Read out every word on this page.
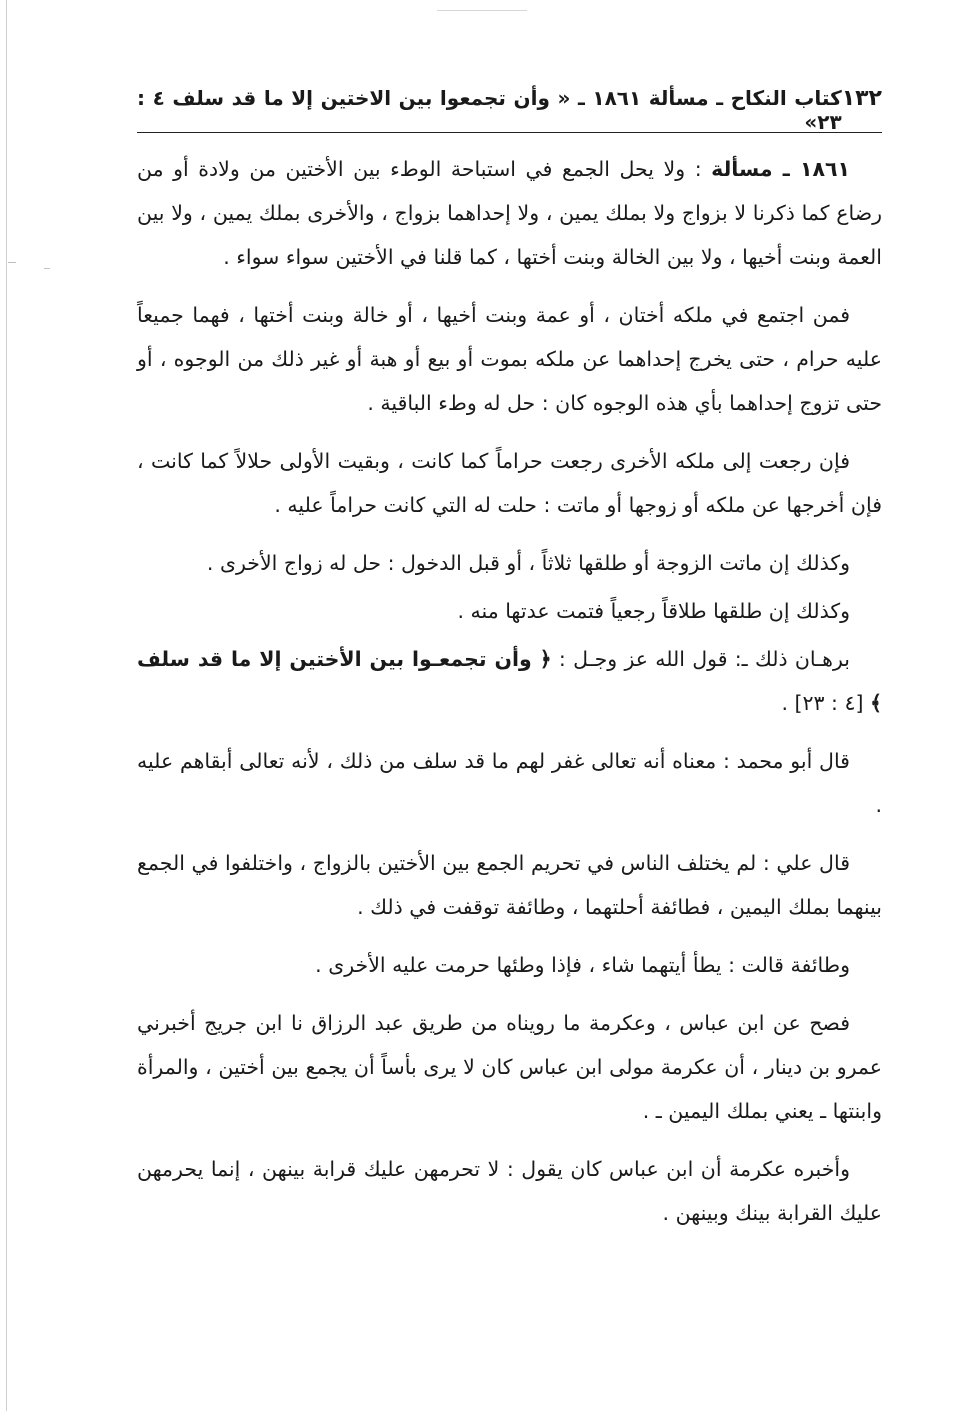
١٣٢
كتاب النكاح ـ مسألة ١٨٦١ ـ « وأن تجمعوا بين الاختين إلا ما قد سلف ٤ : ٢٣»

١٨٦١ ـ مسألة : ولا يحل الجمع في استباحة الوطء بين الأختين من ولادة أو من رضاع كما ذكرنا لا بزواج ولا بملك يمين ، ولا إحداهما بزواج ، والأخرى بملك يمين ، ولا بين العمة وبنت أخيها ، ولا بين الخالة وبنت أختها ، كما قلنا في الأختين سواء سواء .

فمن اجتمع في ملكه أختان ، أو عمة وبنت أخيها ، أو خالة وبنت أختها ، فهما جميعاً عليه حرام ، حتى يخرج إحداهما عن ملكه بموت أو بيع أو هبة أو غير ذلك من الوجوه ، أو حتى تزوج إحداهما بأي هذه الوجوه كان : حل له وطء الباقية .

فإن رجعت إلى ملكه الأخرى رجعت حراماً كما كانت ، وبقيت الأولى حلالاً كما كانت ، فإن أخرجها عن ملكه أو زوجها أو ماتت : حلت له التي كانت حراماً عليه .

وكذلك إن ماتت الزوجة أو طلقها ثلاثاً ، أو قبل الدخول : حل له زواج الأخرى .

وكذلك إن طلقها طلاقاً رجعياً فتمت عدتها منه .

برهـان ذلك ـ: قول الله عز وجـل : ﴿ وأن تجمعـوا بين الأختين إلا ما قد سلف ﴾ [٤ : ٢٣] .

قال أبو محمد : معناه أنه تعالى غفر لهم ما قد سلف من ذلك ، لأنه تعالى أبقاهم عليه .

قال علي : لم يختلف الناس في تحريم الجمع بين الأختين بالزواج ، واختلفوا في الجمع بينهما بملك اليمين ، فطائفة أحلتهما ، وطائفة توقفت في ذلك .

وطائفة قالت : يطأ أيتهما شاء ، فإذا وطئها حرمت عليه الأخرى .

فصح عن ابن عباس ، وعكرمة ما رويناه من طريق عبد الرزاق نا ابن جريج أخبرني عمرو بن دينار ، أن عكرمة مولى ابن عباس كان لا يرى بأساً أن يجمع بين أختين ، والمرأة وابنتها ـ يعني بملك اليمين ـ .

وأخبره عكرمة أن ابن عباس كان يقول : لا تحرمهن عليك قرابة بينهن ، إنما يحرمهن عليك القرابة بينك وبينهن .
